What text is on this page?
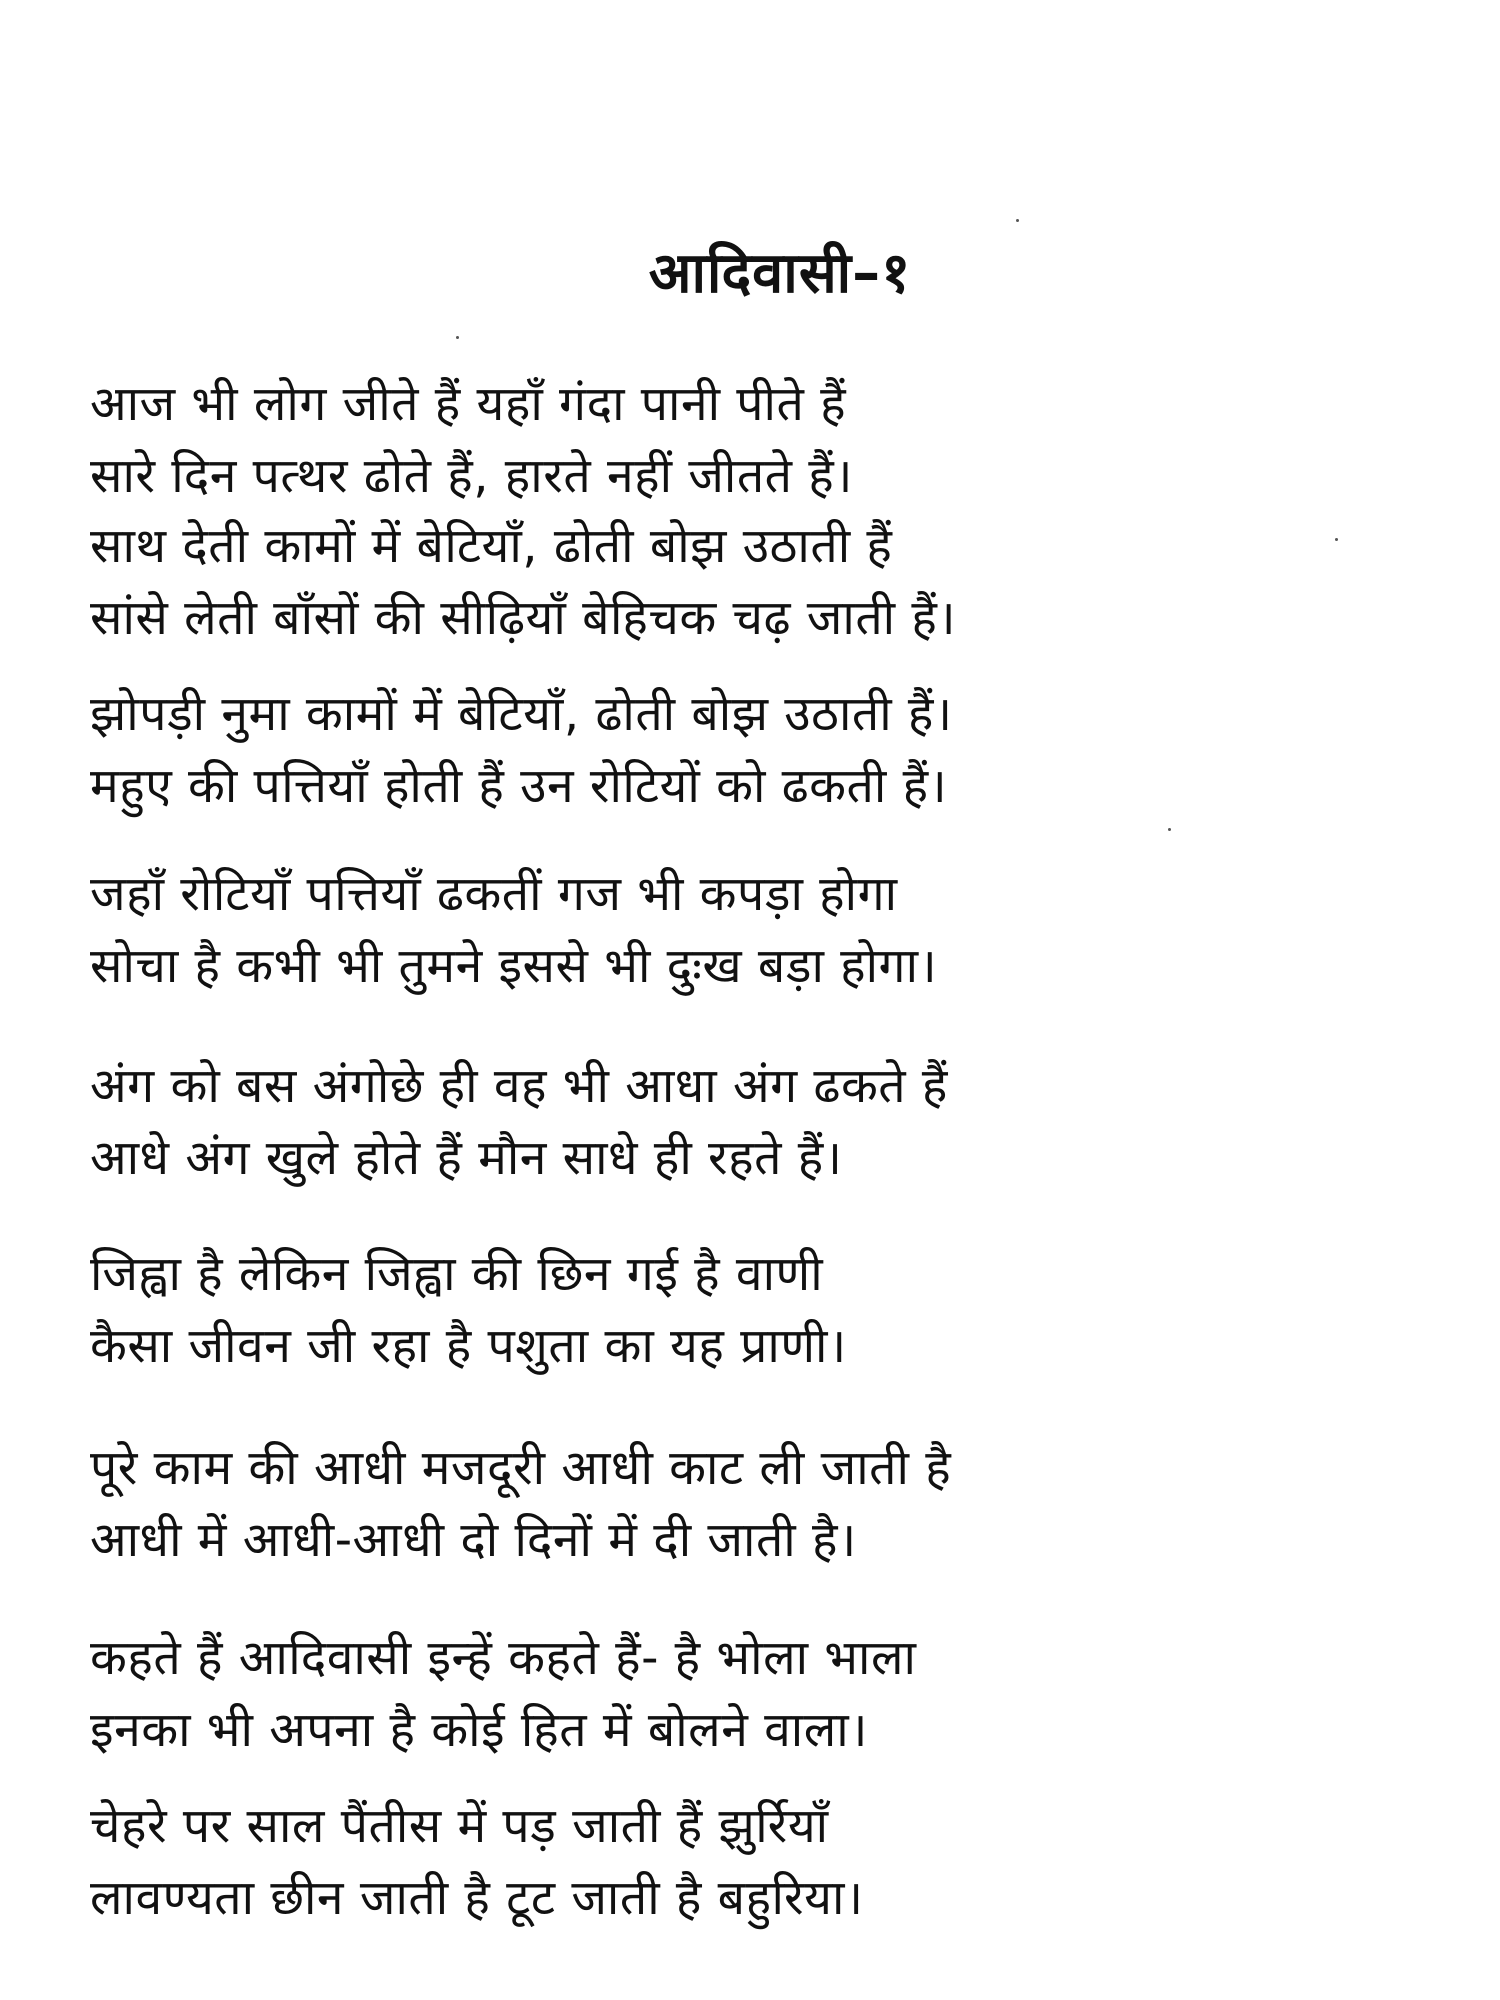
आदिवासी–१
आज भी लोग जीते हैं यहाँ गंदा पानी पीते हैं
सारे दिन पत्थर ढोते हैं, हारते नहीं जीतते हैं।
साथ देती कामों में बेटियाँ, ढोती बोझ उठाती हैं
सांसे लेती बाँसों की सीढ़ियाँ बेहिचक चढ़ जाती हैं।
झोपड़ी नुमा कामों में बेटियाँ, ढोती बोझ उठाती हैं।
महुए की पत्तियाँ होती हैं उन रोटियों को ढकती हैं।
जहाँ रोटियाँ पत्तियाँ ढकतीं गज भी कपड़ा होगा
सोचा है कभी भी तुमने इससे भी दुःख बड़ा होगा।
अंग को बस अंगोछे ही वह भी आधा अंग ढकते हैं
आधे अंग खुले होते हैं मौन साधे ही रहते हैं।
जिह्वा है लेकिन जिह्वा की छिन गई है वाणी
कैसा जीवन जी रहा है पशुता का यह प्राणी।
पूरे काम की आधी मजदूरी आधी काट ली जाती है
आधी में आधी-आधी दो दिनों में दी जाती है।
कहते हैं आदिवासी इन्हें कहते हैं- है भोला भाला
इनका भी अपना है कोई हित में बोलने वाला।
चेहरे पर साल पैंतीस में पड़ जाती हैं झुर्रियाँ
लावण्यता छीन जाती है टूट जाती है बहुरिया।
